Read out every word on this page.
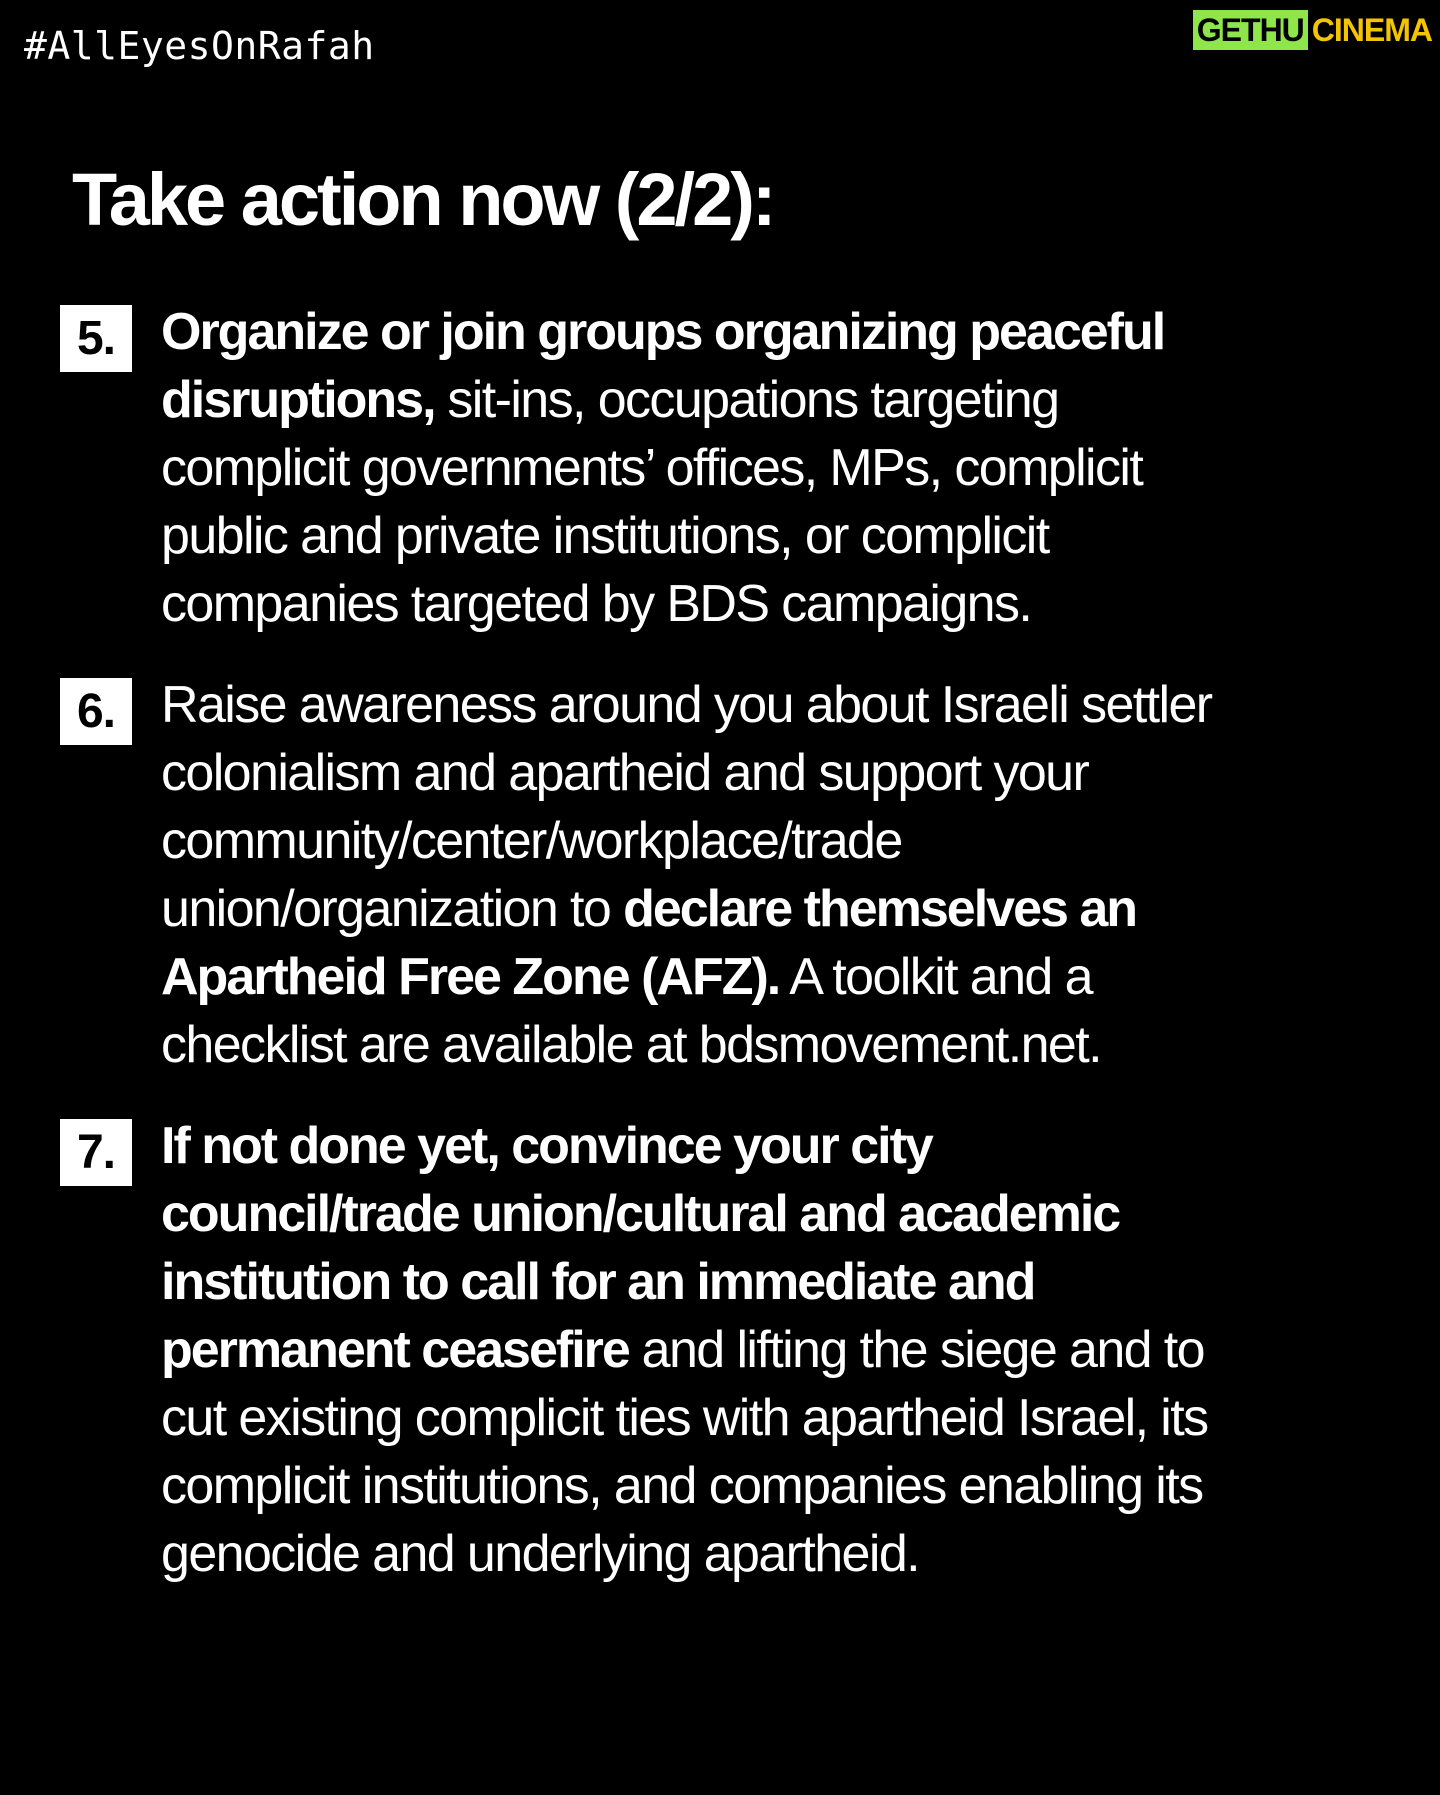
#AllEyesOnRafah	GETHU CINEMA
Take action now (2/2):
5. Organize or join groups organizing peaceful
disruptions, sit-ins, occupations targeting
complicit governments’ offices, MPs, complicit
public and private institutions, or complicit
companies targeted by BDS campaigns.

6. Raise awareness around you about Israeli settler
colonialism and apartheid and support your
community/center/workplace/trade
union/organization to declare themselves an
Apartheid Free Zone (AFZ). A toolkit and a
checklist are available at bdsmovement.net.

7. If not done yet, convince your city
council/trade union/cultural and academic
institution to call for an immediate and
permanent ceasefire and lifting the siege and to
cut existing complicit ties with apartheid Israel, its
complicit institutions, and companies enabling its
genocide and underlying apartheid.
